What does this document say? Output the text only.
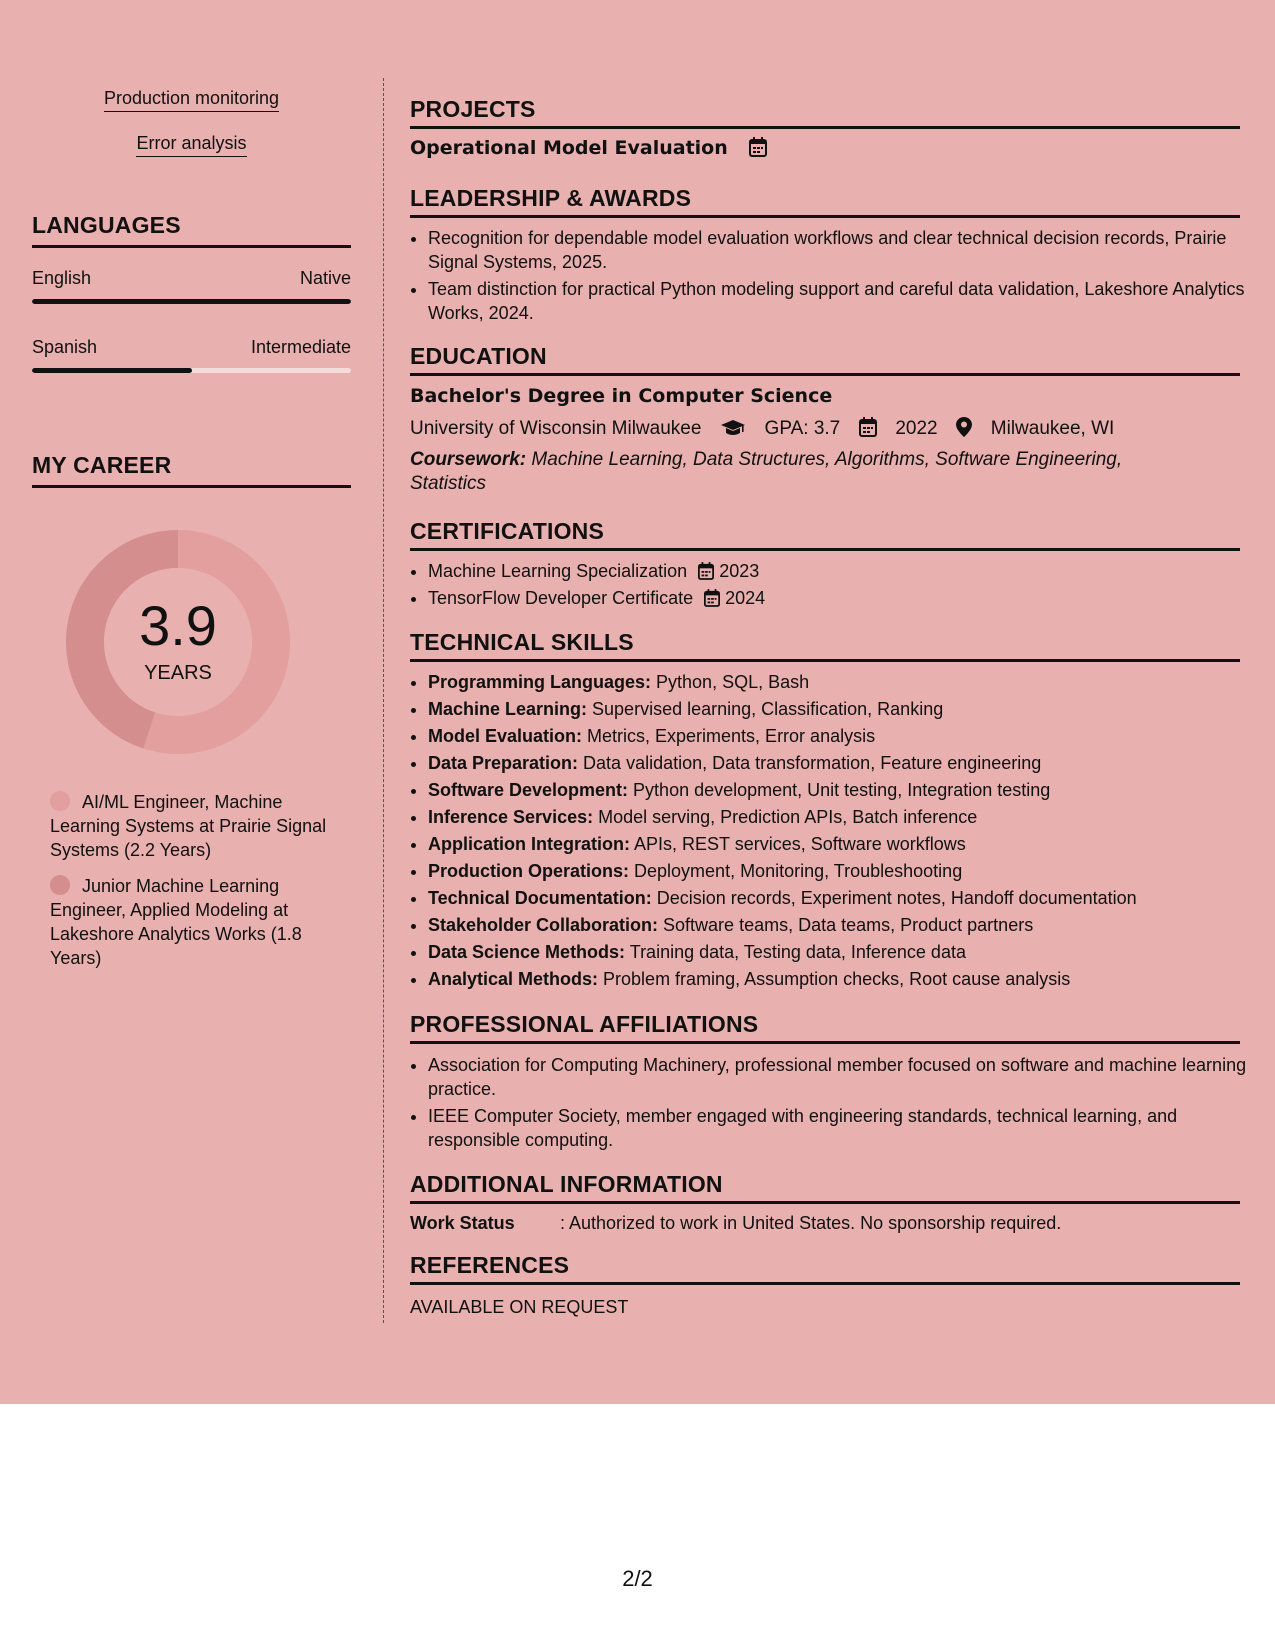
Production monitoring
Error analysis
LANGUAGES
English	Native
Spanish	Intermediate
MY CAREER
3.9
YEARS
AI/ML Engineer, Machine Learning Systems at Prairie Signal Systems (2.2 Years)
Junior Machine Learning Engineer, Applied Modeling at Lakeshore Analytics Works (1.8 Years)
PROJECTS
Operational Model Evaluation
LEADERSHIP & AWARDS
• Recognition for dependable model evaluation workflows and clear technical decision records, Prairie Signal Systems, 2025.
• Team distinction for practical Python modeling support and careful data validation, Lakeshore Analytics Works, 2024.
EDUCATION
Bachelor's Degree in Computer Science
University of Wisconsin Milwaukee	GPA: 3.7	2022	Milwaukee, WI
Coursework: Machine Learning, Data Structures, Algorithms, Software Engineering, Statistics
CERTIFICATIONS
• Machine Learning Specialization 2023
• TensorFlow Developer Certificate 2024
TECHNICAL SKILLS
• Programming Languages: Python, SQL, Bash
• Machine Learning: Supervised learning, Classification, Ranking
• Model Evaluation: Metrics, Experiments, Error analysis
• Data Preparation: Data validation, Data transformation, Feature engineering
• Software Development: Python development, Unit testing, Integration testing
• Inference Services: Model serving, Prediction APIs, Batch inference
• Application Integration: APIs, REST services, Software workflows
• Production Operations: Deployment, Monitoring, Troubleshooting
• Technical Documentation: Decision records, Experiment notes, Handoff documentation
• Stakeholder Collaboration: Software teams, Data teams, Product partners
• Data Science Methods: Training data, Testing data, Inference data
• Analytical Methods: Problem framing, Assumption checks, Root cause analysis
PROFESSIONAL AFFILIATIONS
• Association for Computing Machinery, professional member focused on software and machine learning practice.
• IEEE Computer Society, member engaged with engineering standards, technical learning, and responsible computing.
ADDITIONAL INFORMATION
Work Status	: Authorized to work in United States. No sponsorship required.
REFERENCES
AVAILABLE ON REQUEST
2/2
